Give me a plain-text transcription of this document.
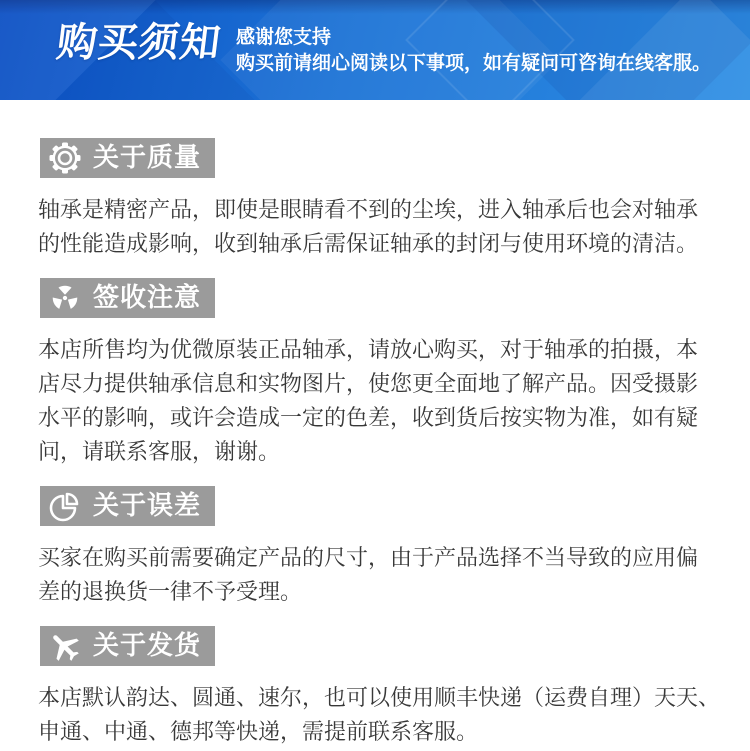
购买须知 感谢您支持
购买前请细心阅读以下事项，如有疑问可咨询在线客服。
关于质量
轴承是精密产品，即使是眼睛看不到的尘埃，进入轴承后也会对轴承
的性能造成影响，收到轴承后需保证轴承的封闭与使用环境的清洁。
签收注意
本店所售均为优微原装正品轴承，请放心购买，对于轴承的拍摄，本
店尽力提供轴承信息和实物图片，使您更全面地了解产品。因受摄影
水平的影响，或许会造成一定的色差，收到货后按实物为准，如有疑
问，请联系客服，谢谢。
关于误差
买家在购买前需要确定产品的尺寸，由于产品选择不当导致的应用偏
差的退换货一律不予受理。
关于发货
本店默认韵达、圆通、速尔，也可以使用顺丰快递（运费自理）天天、
申通、中通、德邦等快递，需提前联系客服。
